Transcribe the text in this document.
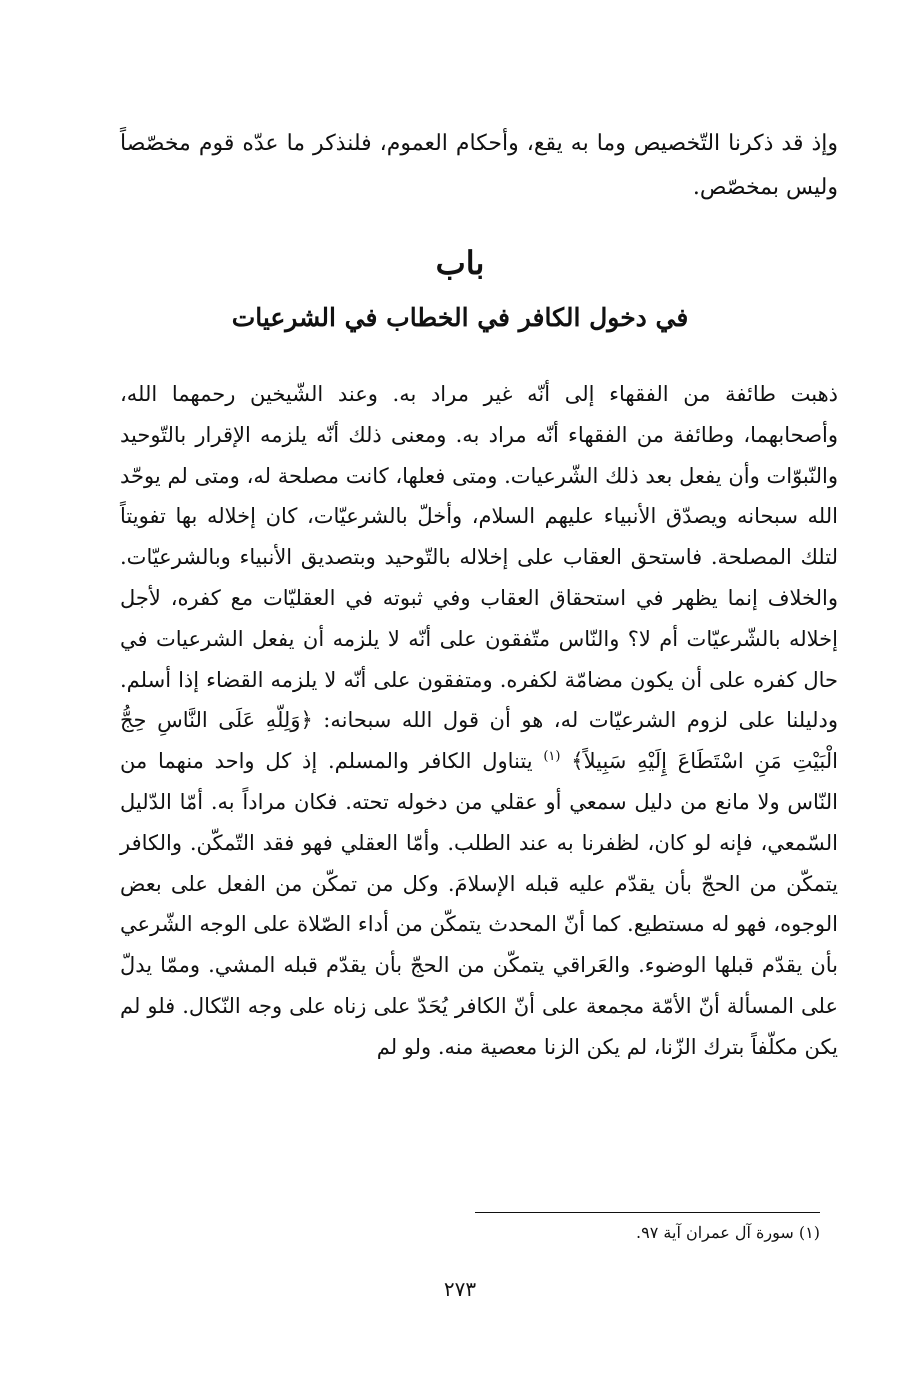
وإذ قد ذكرنا التّخصيص وما به يقع، وأحكام العموم، فلنذكر ما عدّه قوم مخصّصاً وليس بمخصّص.

باب
في دخول الكافر في الخطاب في الشرعيات

ذهبت طائفة من الفقهاء إلى أنّه غير مراد به. وعند الشّيخين رحمهما الله، وأصحابهما، وطائفة من الفقهاء أنّه مراد به. ومعنى ذلك أنّه يلزمه الإقرار بالتّوحيد والنّبوّات وأن يفعل بعد ذلك الشّرعيات. ومتى فعلها، كانت مصلحة له، ومتى لم يوحّد الله سبحانه ويصدّق الأنبياء عليهم السلام، وأخلّ بالشرعيّات، كان إخلاله بها تفويتاً لتلك المصلحة. فاستحق العقاب على إخلاله بالتّوحيد وبتصديق الأنبياء وبالشرعيّات. والخلاف إنما يظهر في استحقاق العقاب وفي ثبوته في العقليّات مع كفره، لأجل إخلاله بالشّرعيّات أم لا؟ والنّاس متّفقون على أنّه لا يلزمه أن يفعل الشرعيات في حال كفره على أن يكون مضامّة لكفره. ومتفقون على أنّه لا يلزمه القضاء إذا أسلم. ودليلنا على لزوم الشرعيّات له، هو أن قول الله سبحانه: ﴿وَلِلّهِ عَلَى النَّاسِ حِجُّ الْبَيْتِ مَنِ اسْتَطَاعَ إِلَيْهِ سَبِيلاً﴾ $^{(١)}$ يتناول الكافر والمسلم. إذ كل واحد منهما من النّاس ولا مانع من دليل سمعي أو عقلي من دخوله تحته. فكان مراداً به. أمّا الدّليل السّمعي، فإنه لو كان، لظفرنا به عند الطلب. وأمّا العقلي فهو فقد التّمكّن. والكافر يتمكّن من الحجّ بأن يقدّم عليه قبله الإسلامَ. وكل من تمكّن من الفعل على بعض الوجوه، فهو له مستطيع. كما أنّ المحدث يتمكّن من أداء الصّلاة على الوجه الشّرعي بأن يقدّم قبلها الوضوء. والعَراقي يتمكّن من الحجّ بأن يقدّم قبله المشي. وممّا يدلّ على المسألة أنّ الأمّة مجمعة على أنّ الكافر يُحَدّ على زناه على وجه النّكال. فلو لم يكن مكلّفاً بترك الزّنا، لم يكن الزنا معصية منه. ولو لم

(١) سورة آل عمران آية ٩٧.

٢٧٣
